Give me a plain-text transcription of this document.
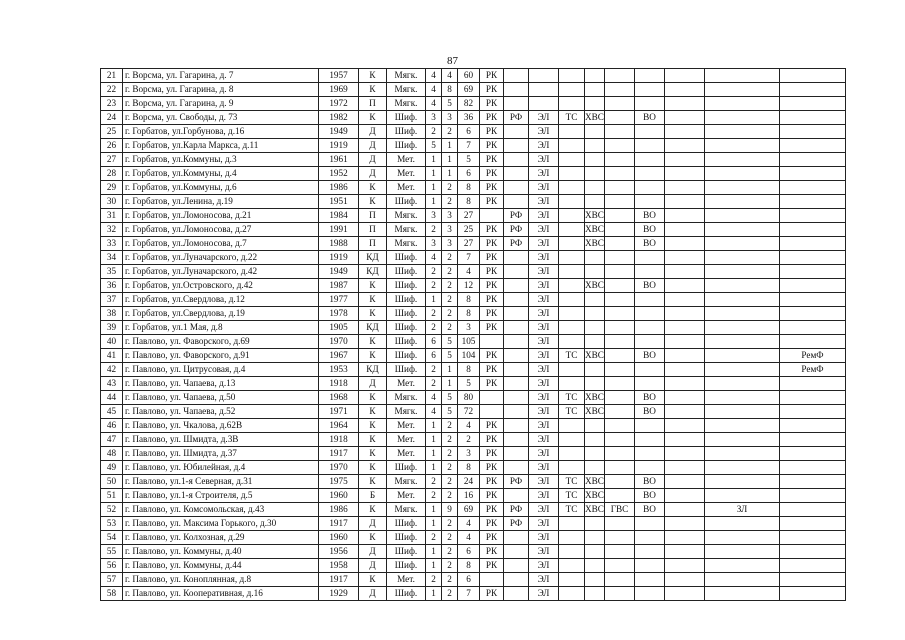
87
21	г. Ворсма, ул. Гагарина, д. 7	1957	К	Мягк.	4	4	60	РК									
22	г. Ворсма, ул. Гагарина, д. 8	1969	К	Мягк.	4	8	69	РК									
23	г. Ворсма, ул. Гагарина, д. 9	1972	П	Мягк.	4	5	82	РК									
24	г. Ворсма, ул. Свободы, д. 73	1982	К	Шиф.	3	3	36	РК	РФ	ЭЛ	ТС	ХВС		ВО			
25	г. Горбатов, ул.Горбунова, д.16	1949	Д	Шиф.	2	2	6	РК		ЭЛ							
26	г. Горбатов, ул.Карла Маркса, д.11	1919	Д	Шиф.	5	1	7	РК		ЭЛ							
27	г. Горбатов, ул.Коммуны, д.3	1961	Д	Мет.	1	1	5	РК		ЭЛ							
28	г. Горбатов, ул.Коммуны, д.4	1952	Д	Мет.	1	1	6	РК		ЭЛ							
29	г. Горбатов, ул.Коммуны, д.6	1986	К	Мет.	1	2	8	РК		ЭЛ							
30	г. Горбатов, ул.Ленина, д.19	1951	К	Шиф.	1	2	8	РК		ЭЛ							
31	г. Горбатов, ул.Ломоносова, д.21	1984	П	Мягк.	3	3	27		РФ	ЭЛ		ХВС		ВО			
32	г. Горбатов, ул.Ломоносова, д.27	1991	П	Мягк.	2	3	25	РК	РФ	ЭЛ		ХВС		ВО			
33	г. Горбатов, ул.Ломоносова, д.7	1988	П	Мягк.	3	3	27	РК	РФ	ЭЛ		ХВС		ВО			
34	г. Горбатов, ул.Луначарского, д.22	1919	КД	Шиф.	4	2	7	РК		ЭЛ							
35	г. Горбатов, ул.Луначарского, д.42	1949	КД	Шиф.	2	2	4	РК		ЭЛ							
36	г. Горбатов, ул.Островского, д.42	1987	К	Шиф.	2	2	12	РК		ЭЛ		ХВС		ВО			
37	г. Горбатов, ул.Свердлова, д.12	1977	К	Шиф.	1	2	8	РК		ЭЛ							
38	г. Горбатов, ул.Свердлова, д.19	1978	К	Шиф.	2	2	8	РК		ЭЛ							
39	г. Горбатов, ул.1 Мая, д.8	1905	КД	Шиф.	2	2	3	РК		ЭЛ							
40	г. Павлово, ул. Фаворского, д.69	1970	К	Шиф.	6	5	105			ЭЛ							
41	г. Павлово, ул. Фаворского, д.91	1967	К	Шиф.	6	5	104	РК		ЭЛ	ТС	ХВС		ВО			РемФ
42	г. Павлово, ул. Цитрусовая, д.4	1953	КД	Шиф.	2	1	8	РК		ЭЛ							РемФ
43	г. Павлово, ул. Чапаева, д.13	1918	Д	Мет.	2	1	5	РК		ЭЛ							
44	г. Павлово, ул. Чапаева, д.50	1968	К	Мягк.	4	5	80			ЭЛ	ТС	ХВС		ВО			
45	г. Павлово, ул. Чапаева, д.52	1971	К	Мягк.	4	5	72			ЭЛ	ТС	ХВС		ВО			
46	г. Павлово, ул. Чкалова, д.62В	1964	К	Мет.	1	2	4	РК		ЭЛ							
47	г. Павлово, ул. Шмидта, д.3В	1918	К	Мет.	1	2	2	РК		ЭЛ							
48	г. Павлово, ул. Шмидта, д.37	1917	К	Мет.	1	2	3	РК		ЭЛ							
49	г. Павлово, ул. Юбилейная, д.4	1970	К	Шиф.	1	2	8	РК		ЭЛ							
50	г. Павлово, ул.1-я Северная, д.31	1975	К	Мягк.	2	2	24	РК	РФ	ЭЛ	ТС	ХВС		ВО			
51	г. Павлово, ул.1-я Строителя, д.5	1960	Б	Мет.	2	2	16	РК		ЭЛ	ТС	ХВС		ВО			
52	г. Павлово, ул. Комсомольская, д.43	1986	К	Мягк.	1	9	69	РК	РФ	ЭЛ	ТС	ХВС	ГВС	ВО		ЗЛ	
53	г. Павлово, ул. Максима Горького, д.30	1917	Д	Шиф.	1	2	4	РК	РФ	ЭЛ							
54	г. Павлово, ул. Колхозная, д.29	1960	К	Шиф.	2	2	4	РК		ЭЛ							
55	г. Павлово, ул. Коммуны, д.40	1956	Д	Шиф.	1	2	6	РК		ЭЛ							
56	г. Павлово, ул. Коммуны, д.44	1958	Д	Шиф.	1	2	8	РК		ЭЛ							
57	г. Павлово, ул. Коноплянная, д.8	1917	К	Мет.	2	2	6			ЭЛ							
58	г. Павлово, ул. Кооперативная, д.16	1929	Д	Шиф.	1	2	7	РК		ЭЛ							
